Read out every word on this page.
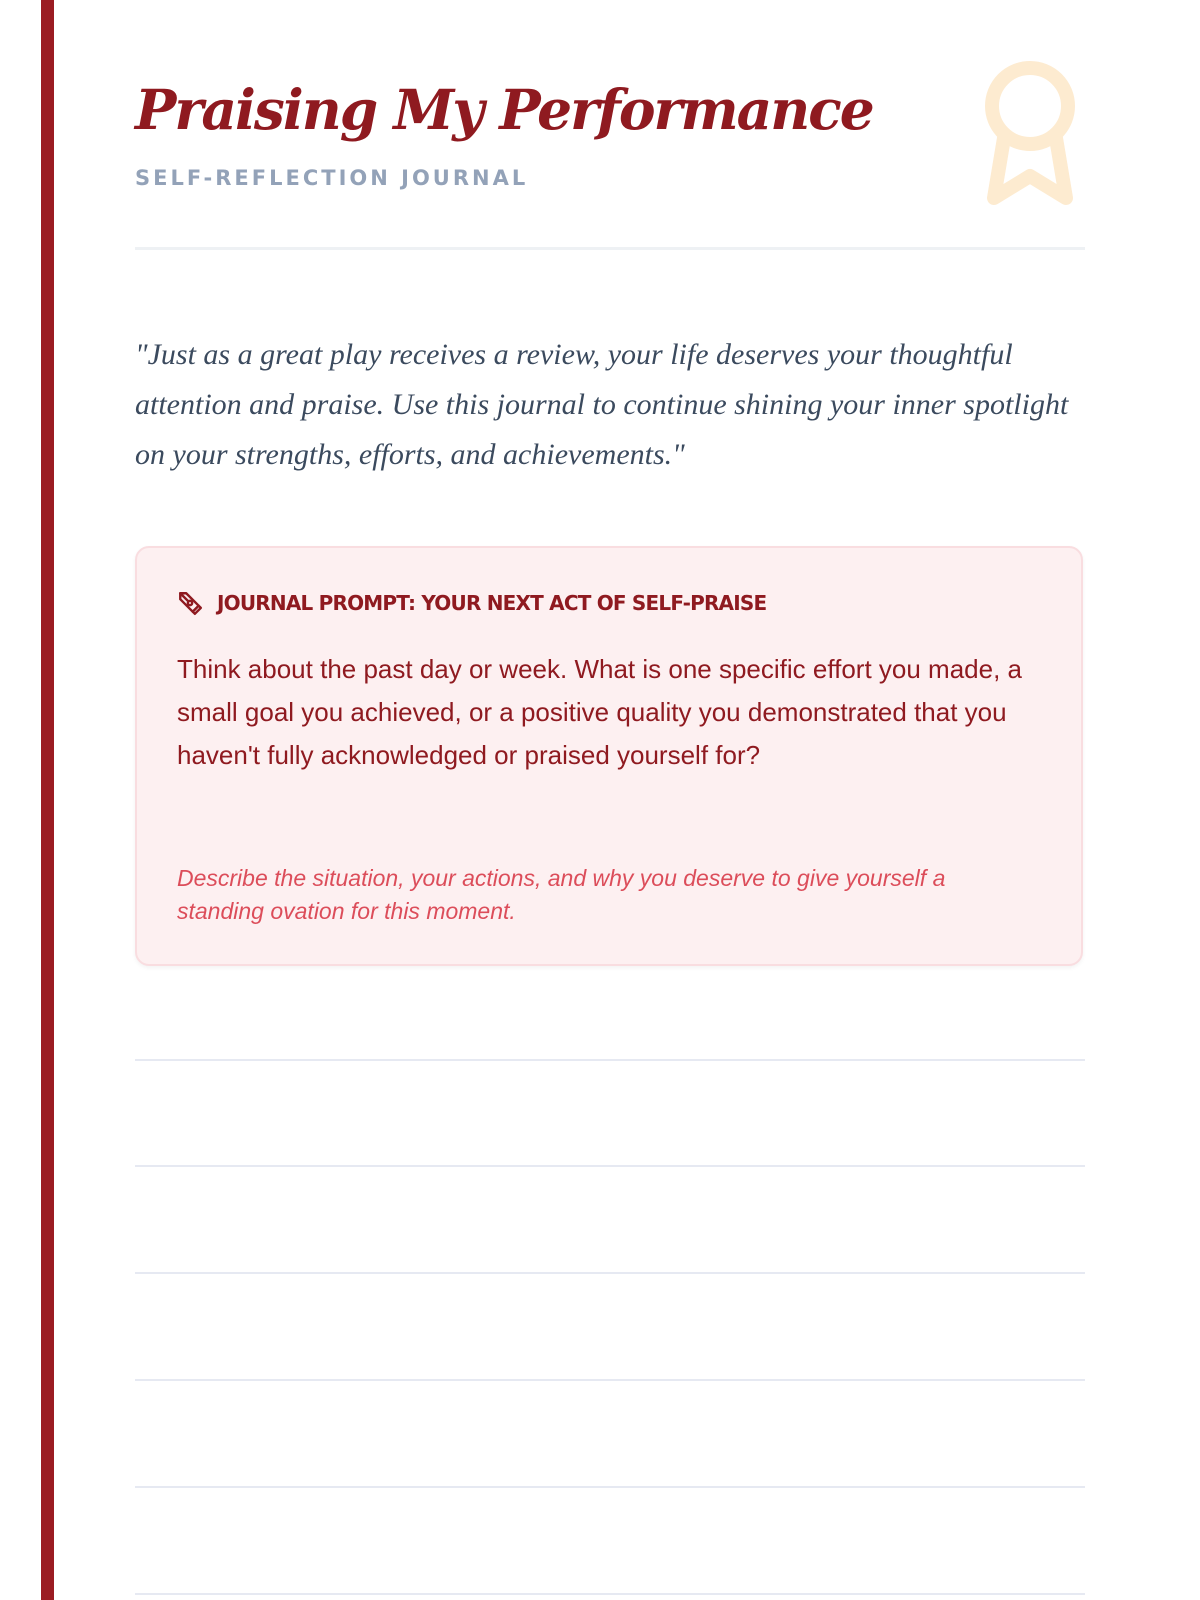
Praising My Performance
SELF-REFLECTION JOURNAL

"Just as a great play receives a review, your life deserves your thoughtful attention and praise. Use this journal to continue shining your inner spotlight on your strengths, efforts, and achievements."

JOURNAL PROMPT: YOUR NEXT ACT OF SELF-PRAISE

Think about the past day or week. What is one specific effort you made, a small goal you achieved, or a positive quality you demonstrated that you haven't fully acknowledged or praised yourself for?

Describe the situation, your actions, and why you deserve to give yourself a standing ovation for this moment.
